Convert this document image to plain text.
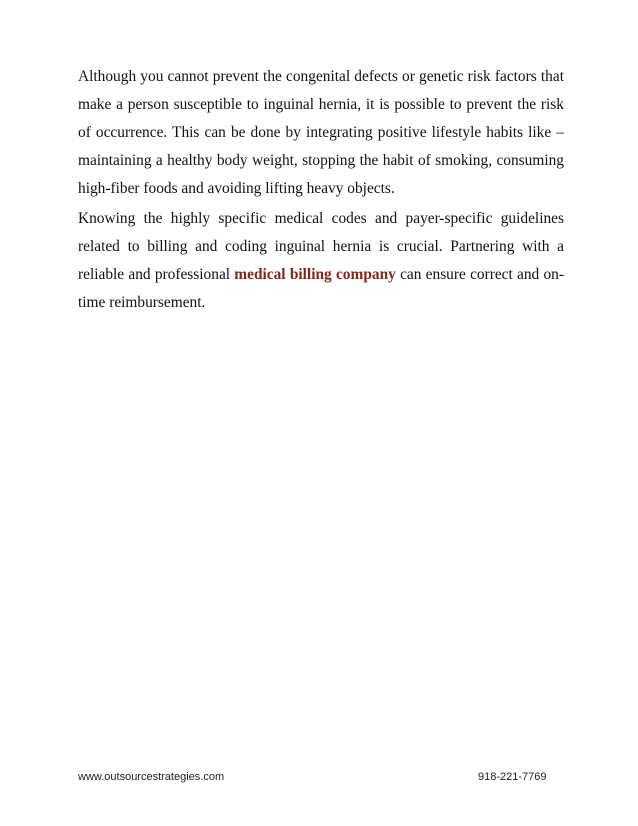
Although you cannot prevent the congenital defects or genetic risk factors that make a person susceptible to inguinal hernia, it is possible to prevent the risk of occurrence. This can be done by integrating positive lifestyle habits like – maintaining a healthy body weight, stopping the habit of smoking, consuming high-fiber foods and avoiding lifting heavy objects.

Knowing the highly specific medical codes and payer-specific guidelines related to billing and coding inguinal hernia is crucial. Partnering with a reliable and professional medical billing company can ensure correct and on-time reimbursement.

www.outsourcestrategies.com	918-221-7769
